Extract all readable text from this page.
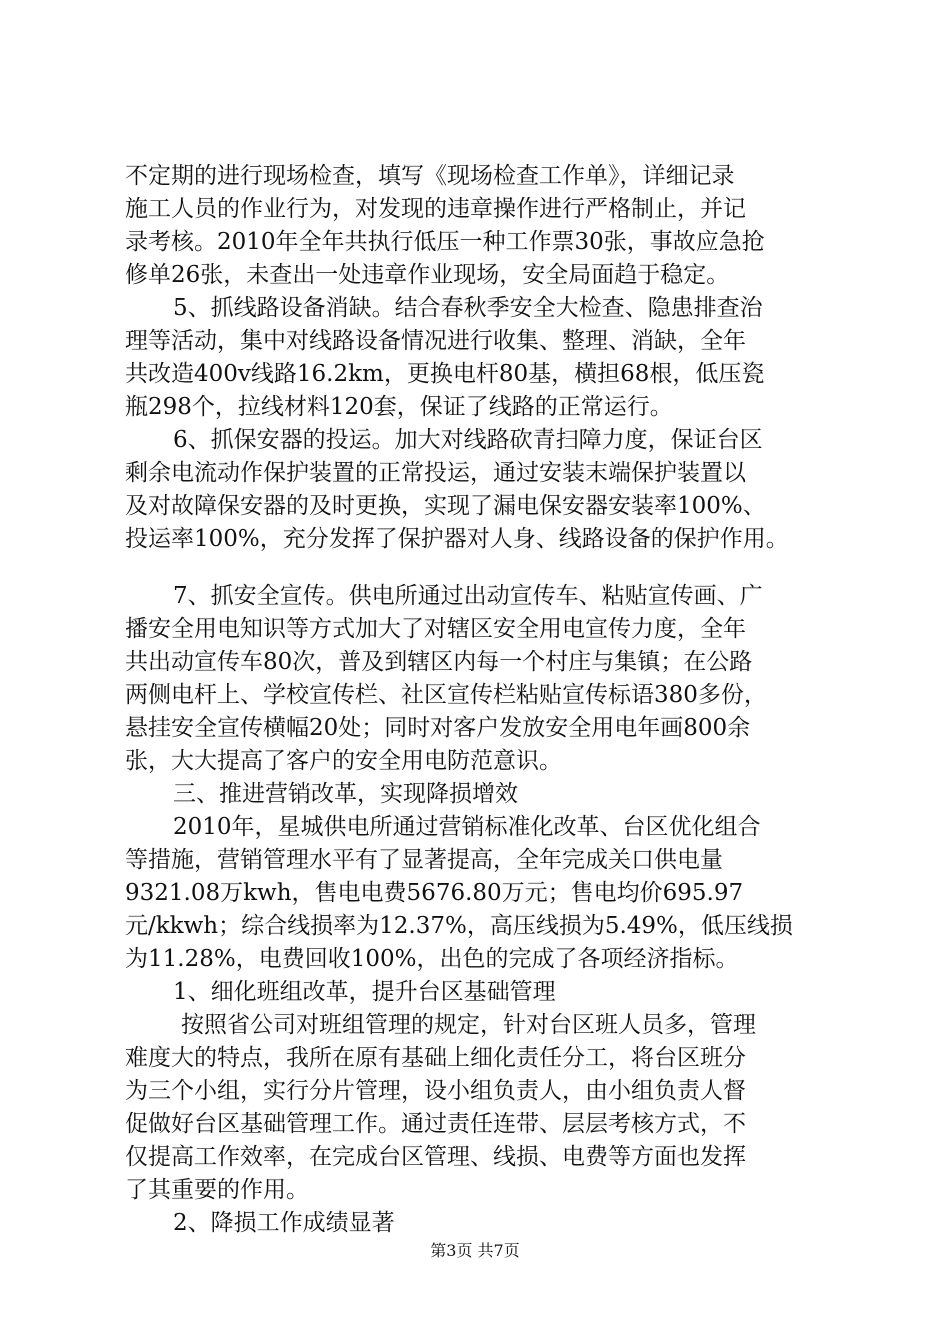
不定期的进行现场检查，填写《现场检查工作单》，详细记录
施工人员的作业行为，对发现的违章操作进行严格制止，并记
录考核。2010年全年共执行低压一种工作票30张，事故应急抢
修单26张，未查出一处违章作业现场，安全局面趋于稳定。
5、抓线路设备消缺。结合春秋季安全大检查、隐患排查治
理等活动，集中对线路设备情况进行收集、整理、消缺，全年
共改造400v线路16.2km，更换电杆80基，横担68根，低压瓷
瓶298个，拉线材料120套，保证了线路的正常运行。
6、抓保安器的投运。加大对线路砍青扫障力度，保证台区
剩余电流动作保护装置的正常投运，通过安装末端保护装置以
及对故障保安器的及时更换，实现了漏电保安器安装率100%、
投运率100%，充分发挥了保护器对人身、线路设备的保护作用。
7、抓安全宣传。供电所通过出动宣传车、粘贴宣传画、广
播安全用电知识等方式加大了对辖区安全用电宣传力度，全年
共出动宣传车80次，普及到辖区内每一个村庄与集镇；在公路
两侧电杆上、学校宣传栏、社区宣传栏粘贴宣传标语380多份，
悬挂安全宣传横幅20处；同时对客户发放安全用电年画800余
张，大大提高了客户的安全用电防范意识。
三、推进营销改革，实现降损增效
2010年，星城供电所通过营销标准化改革、台区优化组合
等措施，营销管理水平有了显著提高，全年完成关口供电量
9321.08万kwh，售电电费5676.80万元；售电均价695.97
元/kkwh；综合线损率为12.37%，高压线损为5.49%，低压线损
为11.28%，电费回收100%，出色的完成了各项经济指标。
1、细化班组改革，提升台区基础管理
按照省公司对班组管理的规定，针对台区班人员多，管理
难度大的特点，我所在原有基础上细化责任分工，将台区班分
为三个小组，实行分片管理，设小组负责人，由小组负责人督
促做好台区基础管理工作。通过责任连带、层层考核方式，不
仅提高工作效率，在完成台区管理、线损、电费等方面也发挥
了其重要的作用。
2、降损工作成绩显著
第3页 共7页
